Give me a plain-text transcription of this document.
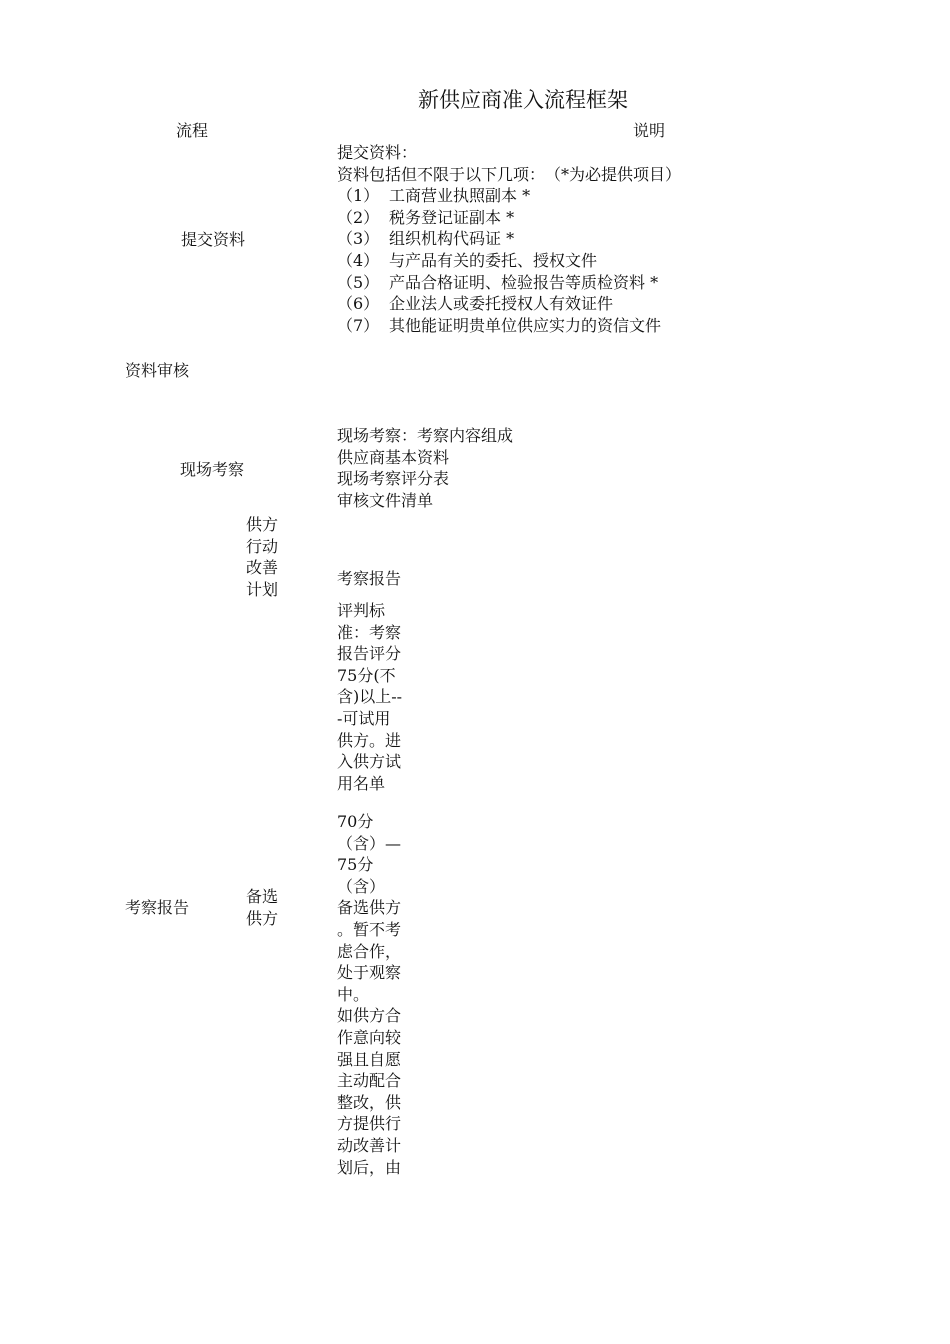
新供应商准入流程框架
流程	说明
提交资料
提交资料：
资料包括但不限于以下几项：　（*为必提供项目）
（1） 工商营业执照副本 *
（2） 税务登记证副本 *
（3） 组织机构代码证 *
（4） 与产品有关的委托、授权文件
（5） 产品合格证明、检验报告等质检资料 *
（6） 企业法人或委托授权人有效证件
（7） 其他能证明贵单位供应实力的资信文件
资料审核
现场考察
现场考察：考察内容组成
供应商基本资料
现场考察评分表
审核文件清单
供方
行动
改善
计划
考察报告
评判标
准：考察
报告评分
75分(不
含)以上--
-可试用
供方。进
入供方试
用名单
考察报告
备选
供方
70分
（含）—
75分
（含）
备选供方
。暂不考
虑合作，
处于观察
中。
如供方合
作意向较
强且自愿
主动配合
整改，供
方提供行
动改善计
划后，由
